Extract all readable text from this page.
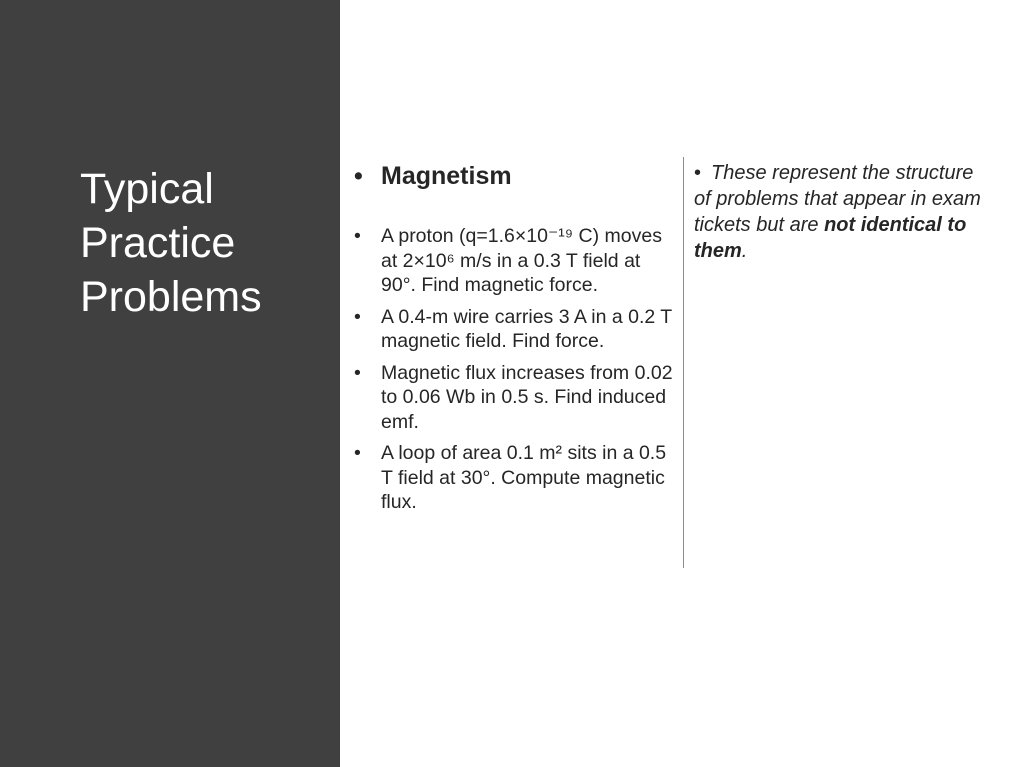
Typical Practice Problems
• Magnetism
• A proton (q=1.6×10⁻¹⁹ C) moves at 2×10⁶ m/s in a 0.3 T field at 90°. Find magnetic force.
• A 0.4-m wire carries 3 A in a 0.2 T magnetic field. Find force.
• Magnetic flux increases from 0.02 to 0.06 Wb in 0.5 s. Find induced emf.
• A loop of area 0.1 m² sits in a 0.5 T field at 30°. Compute magnetic flux.
• These represent the structure of problems that appear in exam tickets but are not identical to them.
